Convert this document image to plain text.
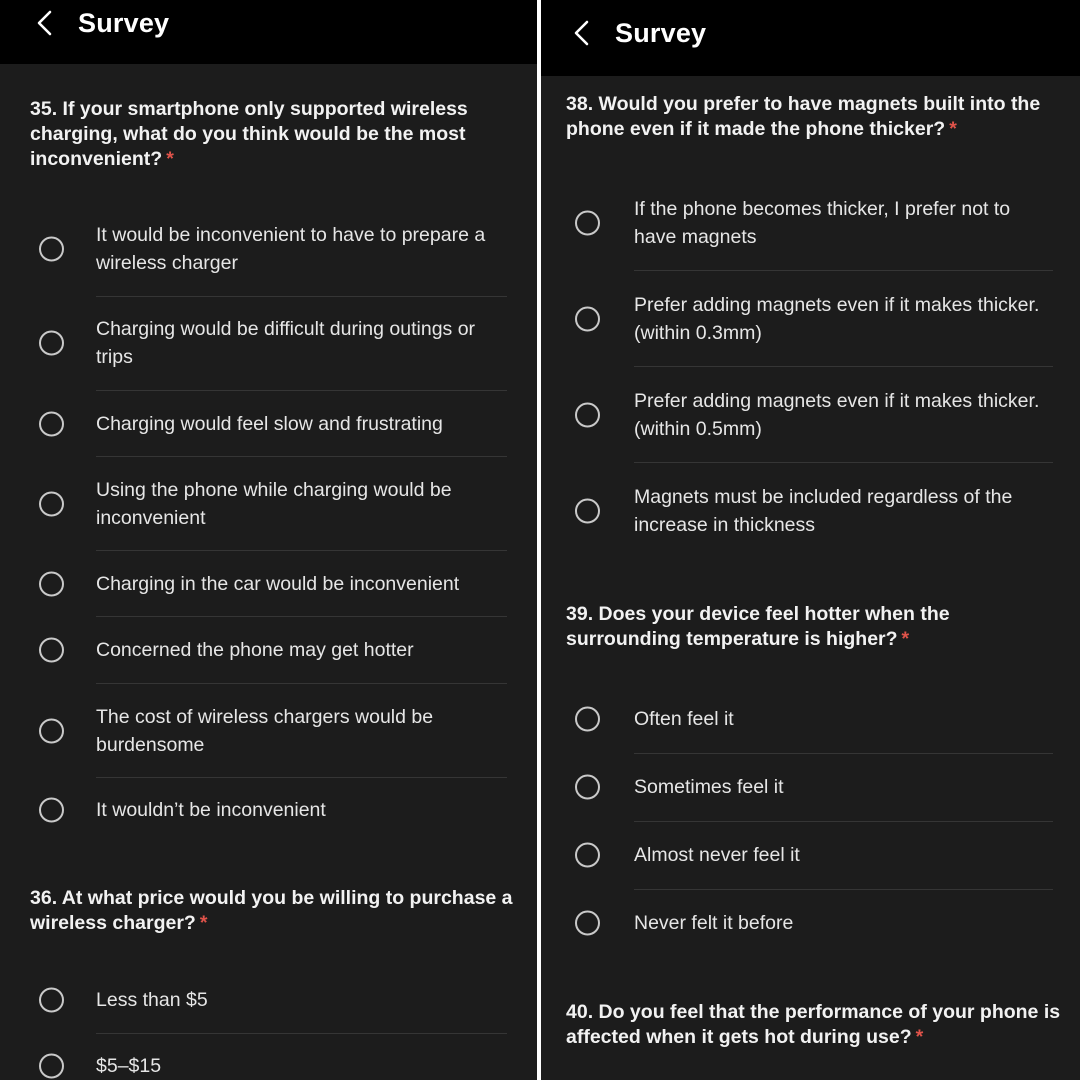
Survey
35. If your smartphone only supported wireless charging, what do you think would be the most inconvenient? *
It would be inconvenient to have to prepare a wireless charger
Charging would be difficult during outings or trips
Charging would feel slow and frustrating
Using the phone while charging would be inconvenient
Charging in the car would be inconvenient
Concerned the phone may get hotter
The cost of wireless chargers would be burdensome
It wouldn’t be inconvenient
36. At what price would you be willing to purchase a wireless charger? *
Less than $5
$5–$15
Survey
38. Would you prefer to have magnets built into the phone even if it made the phone thicker? *
If the phone becomes thicker, I prefer not to have magnets
Prefer adding magnets even if it makes thicker.(within 0.3mm)
Prefer adding magnets even if it makes thicker.(within 0.5mm)
Magnets must be included regardless of the increase in thickness
39. Does your device feel hotter when the surrounding temperature is higher? *
Often feel it
Sometimes feel it
Almost never feel it
Never felt it before
40. Do you feel that the performance of your phone is affected when it gets hot during use? *
